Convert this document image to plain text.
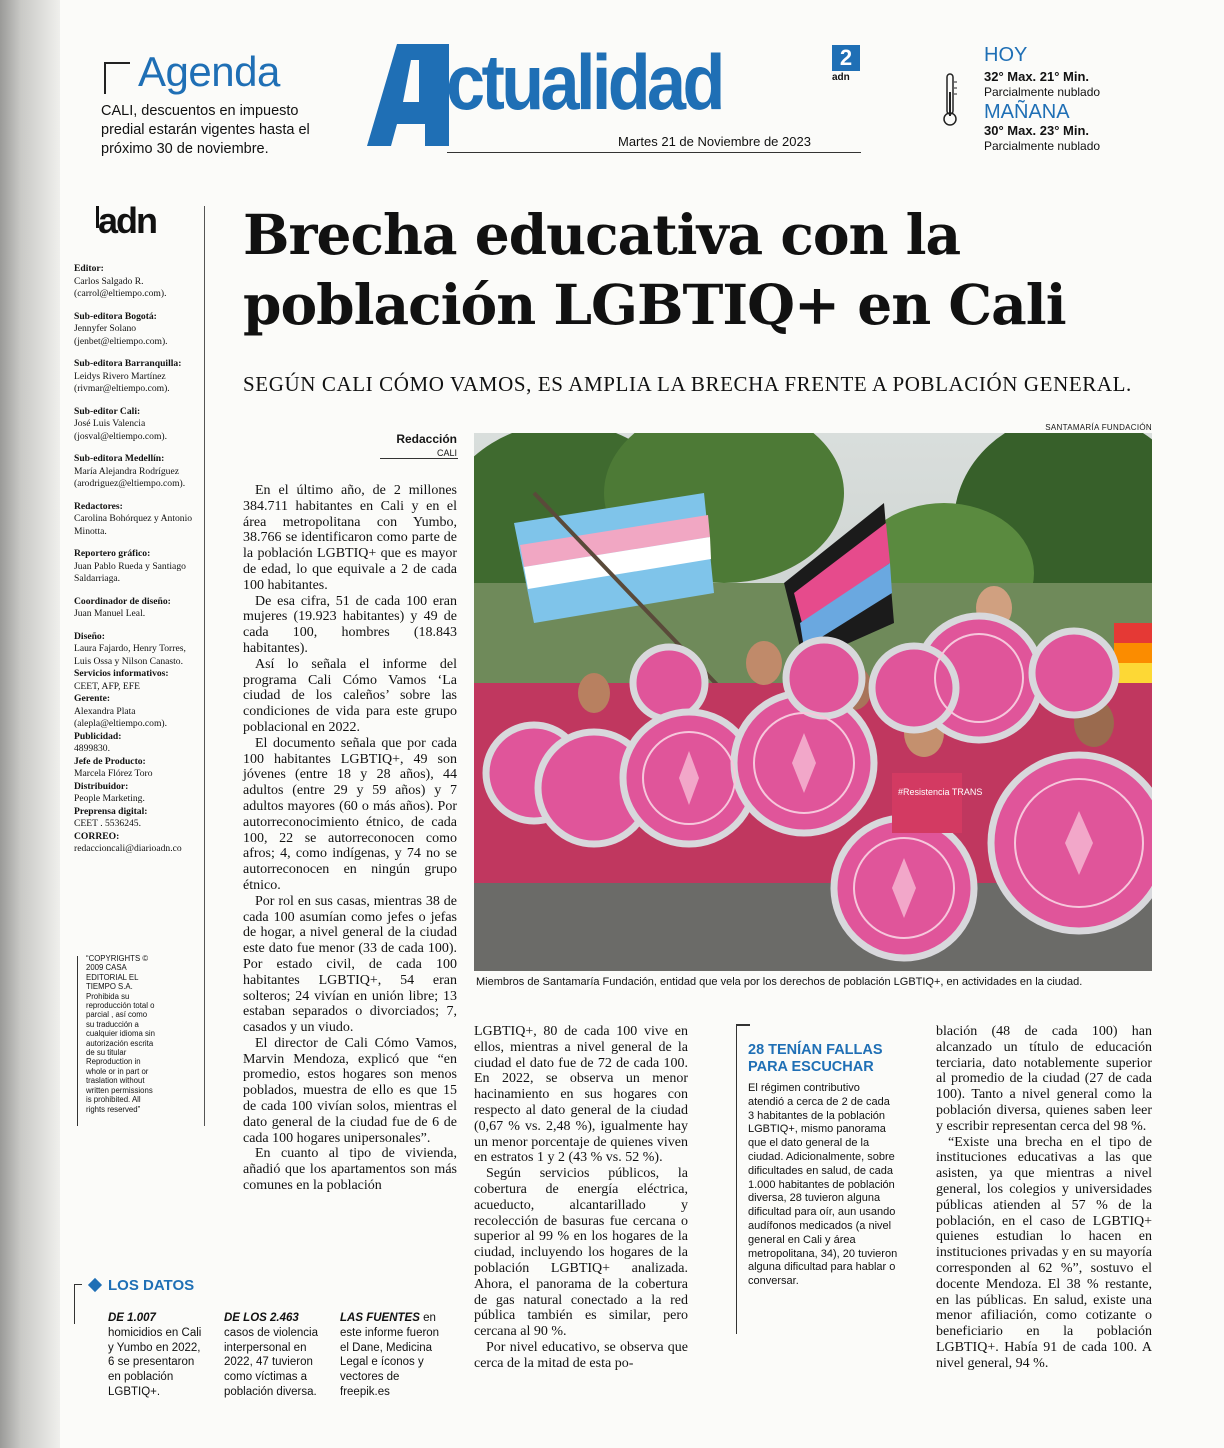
Agenda
CALI, descuentos en impuesto predial estarán vigentes hasta el próximo 30 de noviembre.
ctualidad	2
adn
Martes 21 de Noviembre de 2023
HOY
32° Max. 21° Min.
Parcialmente nublado
MAÑANA
30° Max. 23° Min.
Parcialmente nublado
adn
Editor:
Carlos Salgado R. (carrol@eltiempo.com).
Sub-editora Bogotá:
Jennyfer Solano (jenbet@eltiempo.com).
Sub-editora Barranquilla:
Leidys Rivero Martínez (rivmar@eltiempo.com).
Sub-editor Cali:
José Luis Valencia (josval@eltiempo.com).
Sub-editora Medellín:
María Alejandra Rodríguez (arodriguez@eltiempo.com).
Redactores:
Carolina Bohórquez y Antonio Minotta.
Reportero gráfico:
Juan Pablo Rueda y Santiago Saldarriaga.
Coordinador de diseño:
Juan Manuel Leal.
Diseño:
Laura Fajardo, Henry Torres, Luis Ossa y Nilson Canasto.
Servicios informativos:
CEET, AFP, EFE
Gerente:
Alexandra Plata (alepla@eltiempo.com).
Publicidad:
4899830.
Jefe de Producto:
Marcela Flórez Toro
Distribuidor:
People Marketing.
Preprensa digital:
CEET . 5536245.
CORREO:
redaccioncali@diarioadn.co
“COPYRIGHTS © 2009 CASA EDITORIAL EL TIEMPO S.A. Prohibida su reproducción total o parcial , así como su traducción a cualquier idioma sin autorización escrita de su titular Reproduction in whole or in part or traslation without written permissions is prohibited. All rights reserved”
Brecha educativa con la población LGBTIQ+ en Cali
SEGÚN CALI CÓMO VAMOS, ES AMPLIA LA BRECHA FRENTE A POBLACIÓN GENERAL.
Redacción
CALI
SANTAMARÍA FUNDACIÓN
#Resistencia TRANS
Miembros de Santamaría Fundación, entidad que vela por los derechos de población LGBTIQ+, en actividades en la ciudad.

En el último año, de 2 millones 384.711 habitantes en Cali y en el área metropolitana con Yumbo, 38.766 se identificaron como parte de la población LGBTIQ+ que es mayor de edad, lo que equivale a 2 de cada 100 habitantes.

De esa cifra, 51 de cada 100 eran mujeres (19.923 habitantes) y 49 de cada 100, hombres (18.843 habitantes).

Así lo señala el informe del programa Cali Cómo Vamos ‘La ciudad de los caleños’ sobre las condiciones de vida para este grupo poblacional en 2022.

El documento señala que por cada 100 habitantes LGBTIQ+, 49 son jóvenes (entre 18 y 28 años), 44 adultos (entre 29 y 59 años) y 7 adultos mayores (60 o más años). Por autorreconocimiento étnico, de cada 100, 22 se autorreconocen como afros; 4, como indígenas, y 74 no se autorreconocen en ningún grupo étnico.

Por rol en sus casas, mientras 38 de cada 100 asumían como jefes o jefas de hogar, a nivel general de la ciudad este dato fue menor (33 de cada 100). Por estado civil, de cada 100 habitantes LGBTIQ+, 54 eran solteros; 24 vivían en unión libre; 13 estaban separados o divorciados; 7, casados y un viudo.

El director de Cali Cómo Vamos, Marvin Mendoza, explicó que “en promedio, estos hogares son menos poblados, muestra de ello es que 15 de cada 100 vivían solos, mientras el dato general de la ciudad fue de 6 de cada 100 hogares unipersonales”.

En cuanto al tipo de vivienda, añadió que los apartamentos son más comunes en la población

LGBTIQ+, 80 de cada 100 vive en ellos, mientras a nivel general de la ciudad el dato fue de 72 de cada 100. En 2022, se observa un menor hacinamiento en sus hogares con respecto al dato general de la ciudad (0,67 % vs. 2,48 %), igualmente hay un menor porcentaje de quienes viven en estratos 1 y 2 (43 % vs. 52 %).

Según servicios públicos, la cobertura de energía eléctrica, acueducto, alcantarillado y recolección de basuras fue cercana o superior al 99 % en los hogares de la ciudad, incluyendo los hogares de la población LGBTIQ+ analizada. Ahora, el panorama de la cobertura de gas natural conectado a la red pública también es similar, pero cercana al 90 %.

Por nivel educativo, se observa que cerca de la mitad de esta po-

28 TENÍAN FALLAS PARA ESCUCHAR
El régimen contributivo atendió a cerca de 2 de cada 3 habitantes de la población LGBTIQ+, mismo panorama que el dato general de la ciudad. Adicionalmente, sobre dificultades en salud, de cada 1.000 habitantes de población diversa, 28 tuvieron alguna dificultad para oír, aun usando audífonos medicados (a nivel general en Cali y área metropolitana, 34), 20 tuvieron alguna dificultad para hablar o conversar.

blación (48 de cada 100) han alcanzado un título de educación terciaria, dato notablemente superior al promedio de la ciudad (27 de cada 100). Tanto a nivel general como la población diversa, quienes saben leer y escribir representan cerca del 98 %.

“Existe una brecha en el tipo de instituciones educativas a las que asisten, ya que mientras a nivel general, los colegios y universidades públicas atienden al 57 % de la población, en el caso de LGBTIQ+ quienes estudian lo hacen en instituciones privadas y en su mayoría corresponden al 62 %”, sostuvo el docente Mendoza. El 38 % restante, en las públicas. En salud, existe una menor afiliación, como cotizante o beneficiario en la población LGBTIQ+. Había 91 de cada 100. A nivel general, 94 %.

LOS DATOS
DE 1.007 homicidios en Cali y Yumbo en 2022, 6 se presentaron en población LGBTIQ+.
DE LOS 2.463 casos de violencia interpersonal en 2022, 47 tuvieron como víctimas a población diversa.
LAS FUENTES en este informe fueron el Dane, Medicina Legal e íconos y vectores de freepik.es
